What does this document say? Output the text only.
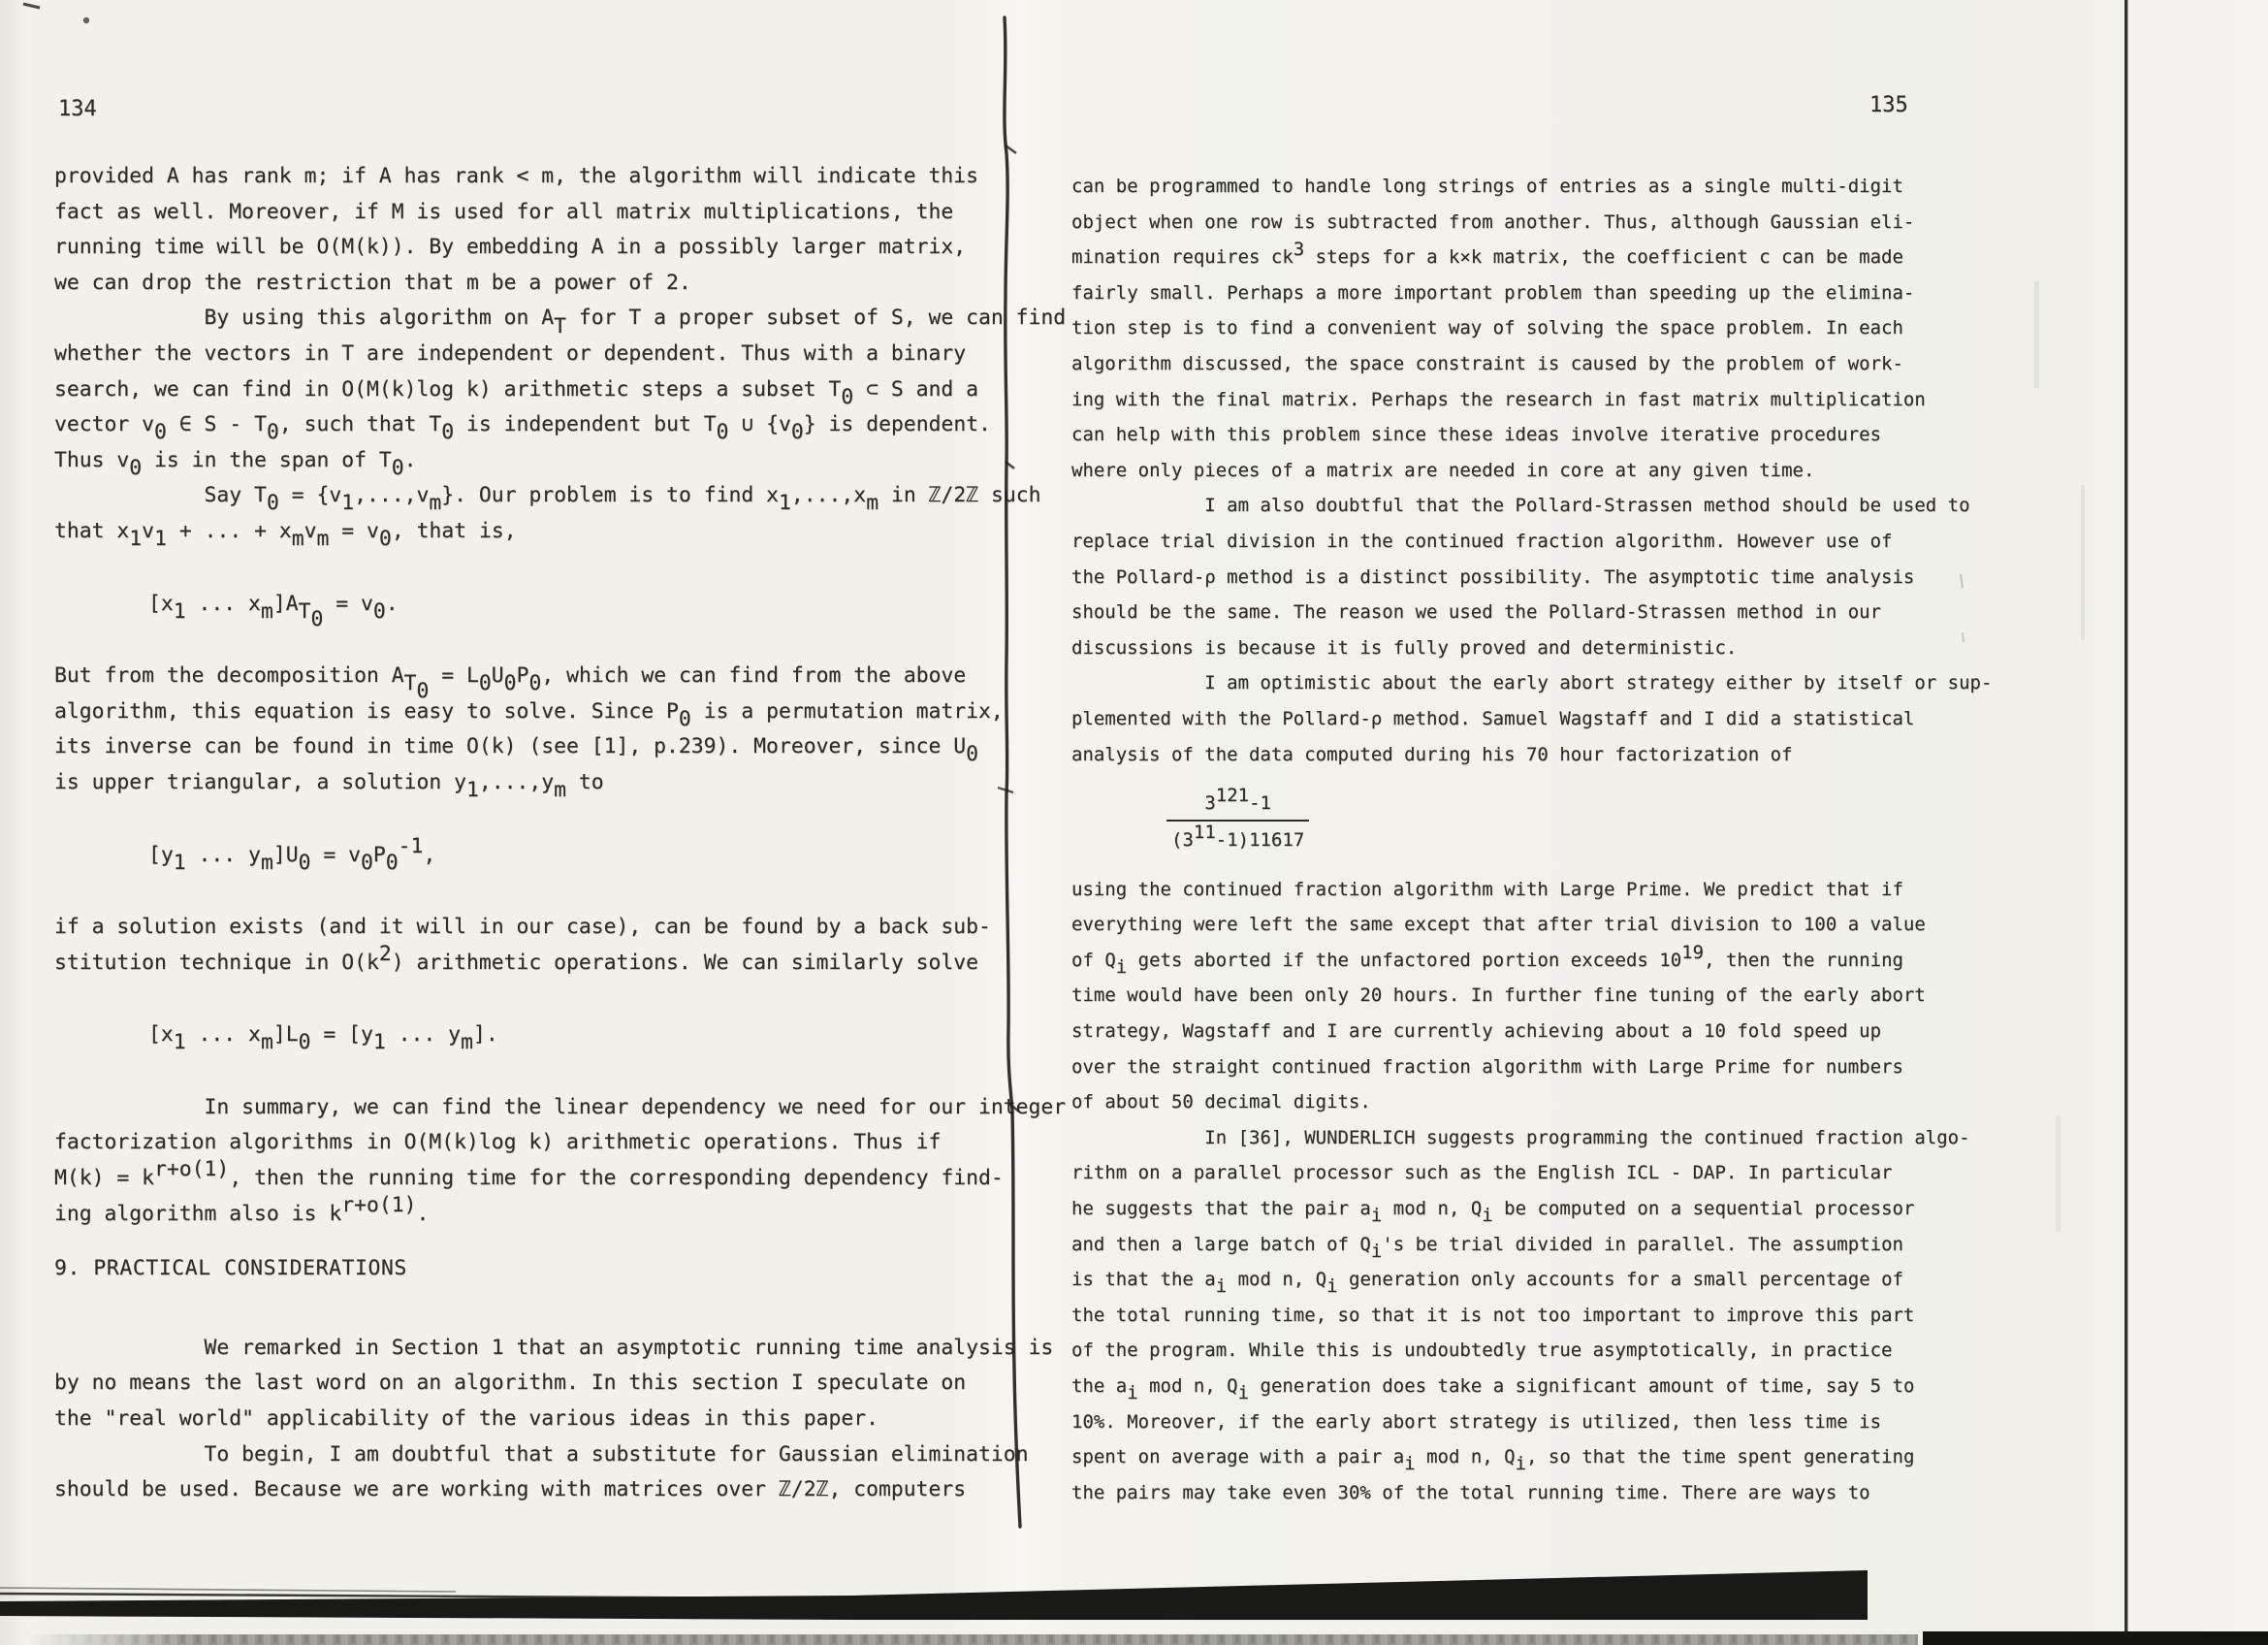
134	135
provided A has rank m; if A has rank < m, the algorithm will indicate this
fact as well. Moreover, if M is used for all matrix multiplications, the
running time will be O(M(k)). By embedding A in a possibly larger matrix,
we can drop the restriction that m be a power of 2.
By using this algorithm on AT for T a proper subset of S, we can find
whether the vectors in T are independent or dependent. Thus with a binary
search, we can find in O(M(k)log k) arithmetic steps a subset T0 ⊂ S and a
vector v0 ∈ S - T0, such that T0 is independent but T0 ∪ {v0} is dependent.
Thus v0 is in the span of T0.
Say T0 = {v1,...,vm}. Our problem is to find x1,...,xm in ℤ/2ℤ such
that x1v1 + ... + xmvm = v0, that is,
[x1 ... xm]AT0 = v0.
But from the decomposition AT0 = L0U0P0, which we can find from the above
algorithm, this equation is easy to solve. Since P0 is a permutation matrix,
its inverse can be found in time O(k) (see [1], p.239). Moreover, since U0
is upper triangular, a solution y1,...,ym to
[y1 ... ym]U0 = v0P0-1,
if a solution exists (and it will in our case), can be found by a back sub-
stitution technique in O(k2) arithmetic operations. We can similarly solve
[x1 ... xm]L0 = [y1 ... ym].
In summary, we can find the linear dependency we need for our integer
factorization algorithms in O(M(k)log k) arithmetic operations. Thus if
M(k) = kr+o(1), then the running time for the corresponding dependency find-
ing algorithm also is kr+o(1).
9. PRACTICAL CONSIDERATIONS
We remarked in Section 1 that an asymptotic running time analysis is
by no means the last word on an algorithm. In this section I speculate on
the "real world" applicability of the various ideas in this paper.
To begin, I am doubtful that a substitute for Gaussian elimination
should be used. Because we are working with matrices over ℤ/2ℤ, computers
can be programmed to handle long strings of entries as a single multi-digit
object when one row is subtracted from another. Thus, although Gaussian eli-
mination requires ck3 steps for a k×k matrix, the coefficient c can be made
fairly small. Perhaps a more important problem than speeding up the elimina-
tion step is to find a convenient way of solving the space problem. In each
algorithm discussed, the space constraint is caused by the problem of work-
ing with the final matrix. Perhaps the research in fast matrix multiplication
can help with this problem since these ideas involve iterative procedures
where only pieces of a matrix are needed in core at any given time.
I am also doubtful that the Pollard-Strassen method should be used to
replace trial division in the continued fraction algorithm. However use of
the Pollard-ρ method is a distinct possibility. The asymptotic time analysis
should be the same. The reason we used the Pollard-Strassen method in our
discussions is because it is fully proved and deterministic.
I am optimistic about the early abort strategy either by itself or sup-
plemented with the Pollard-ρ method. Samuel Wagstaff and I did a statistical
analysis of the data computed during his 70 hour factorization of
$\frac{3121-1}{(311-1)11617}$
using the continued fraction algorithm with Large Prime. We predict that if
everything were left the same except that after trial division to 100 a value
of Qi gets aborted if the unfactored portion exceeds 1019, then the running
time would have been only 20 hours. In further fine tuning of the early abort
strategy, Wagstaff and I are currently achieving about a 10 fold speed up
over the straight continued fraction algorithm with Large Prime for numbers
of about 50 decimal digits.
In [36], WUNDERLICH suggests programming the continued fraction algo-
rithm on a parallel processor such as the English ICL - DAP. In particular
he suggests that the pair ai mod n, Qi be computed on a sequential processor
and then a large batch of Qi's be trial divided in parallel. The assumption
is that the ai mod n, Qi generation only accounts for a small percentage of
the total running time, so that it is not too important to improve this part
of the program. While this is undoubtedly true asymptotically, in practice
the ai mod n, Qi generation does take a significant amount of time, say 5 to
10%. Moreover, if the early abort strategy is utilized, then less time is
spent on average with a pair ai mod n, Qi, so that the time spent generating
the pairs may take even 30% of the total running time. There are ways to
